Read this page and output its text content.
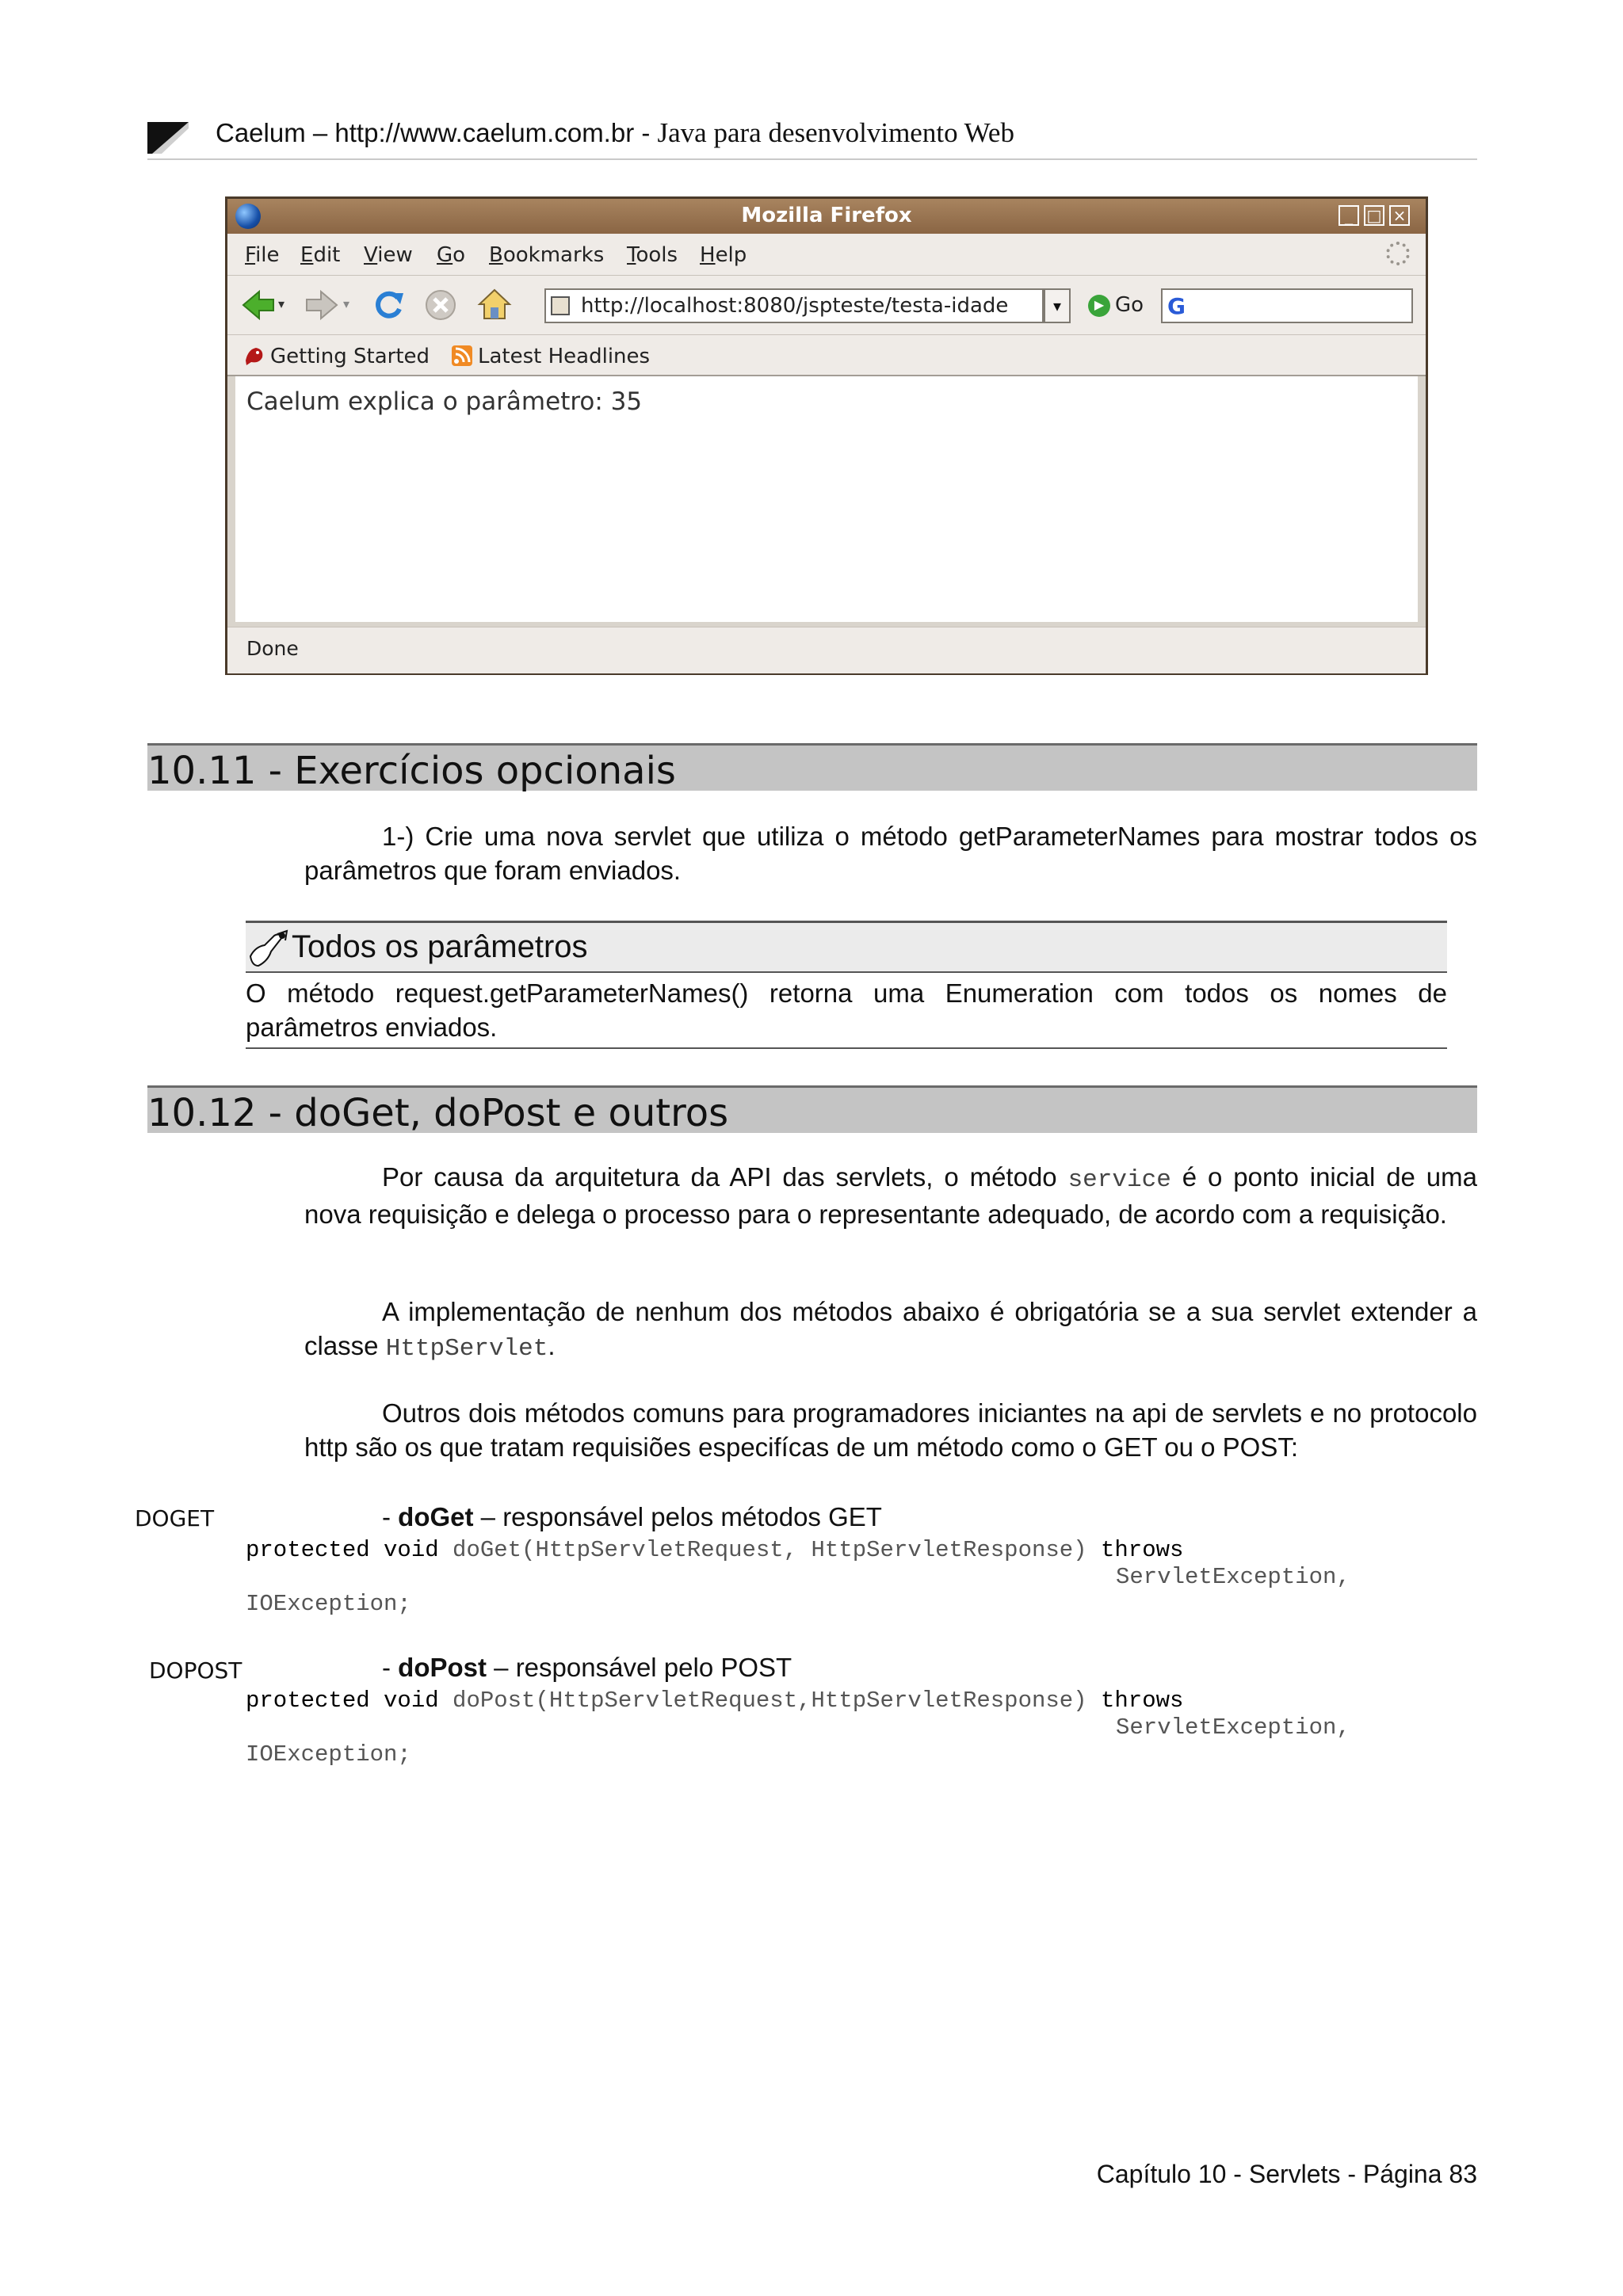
Caelum – http://www.caelum.com.br - Java para desenvolvimento Web
Mozilla Firefox	_ □ ×
File Edit View Go Bookmarks Tools Help
▾	▾	http://localhost:8080/jspteste/testa-idade	▾	▶ Go G
Getting Started Latest Headlines
Caelum explica o parâmetro: 35
Done
10.11 - Exercícios opcionais
1-) Crie uma nova servlet que utiliza o método getParameterNames para mostrar todos os parâmetros que foram enviados.
Todos os parâmetros
O método request.getParameterNames() retorna uma Enumeration com todos os nomes de parâmetros enviados.
10.12 - doGet, doPost e outros
Por causa da arquitetura da API das servlets, o método service é o ponto inicial de uma nova requisição e delega o processo para o representante adequado, de acordo com a requisição.
A implementação de nenhum dos métodos abaixo é obrigatória se a sua servlet extender a classe HttpServlet.
Outros dois métodos comuns para programadores iniciantes na api de servlets e no protocolo http são os que tratam requisiões especifícas de um método como o GET ou o POST:
DOGET	- doGet – responsável pelos métodos GET
protected void doGet(HttpServletRequest, HttpServletResponse) throws
ServletException,
IOException;
DOPOST	- doPost – responsável pelo POST
protected void doPost(HttpServletRequest,HttpServletResponse) throws
ServletException,
IOException;
Capítulo 10 - Servlets - Página 83
